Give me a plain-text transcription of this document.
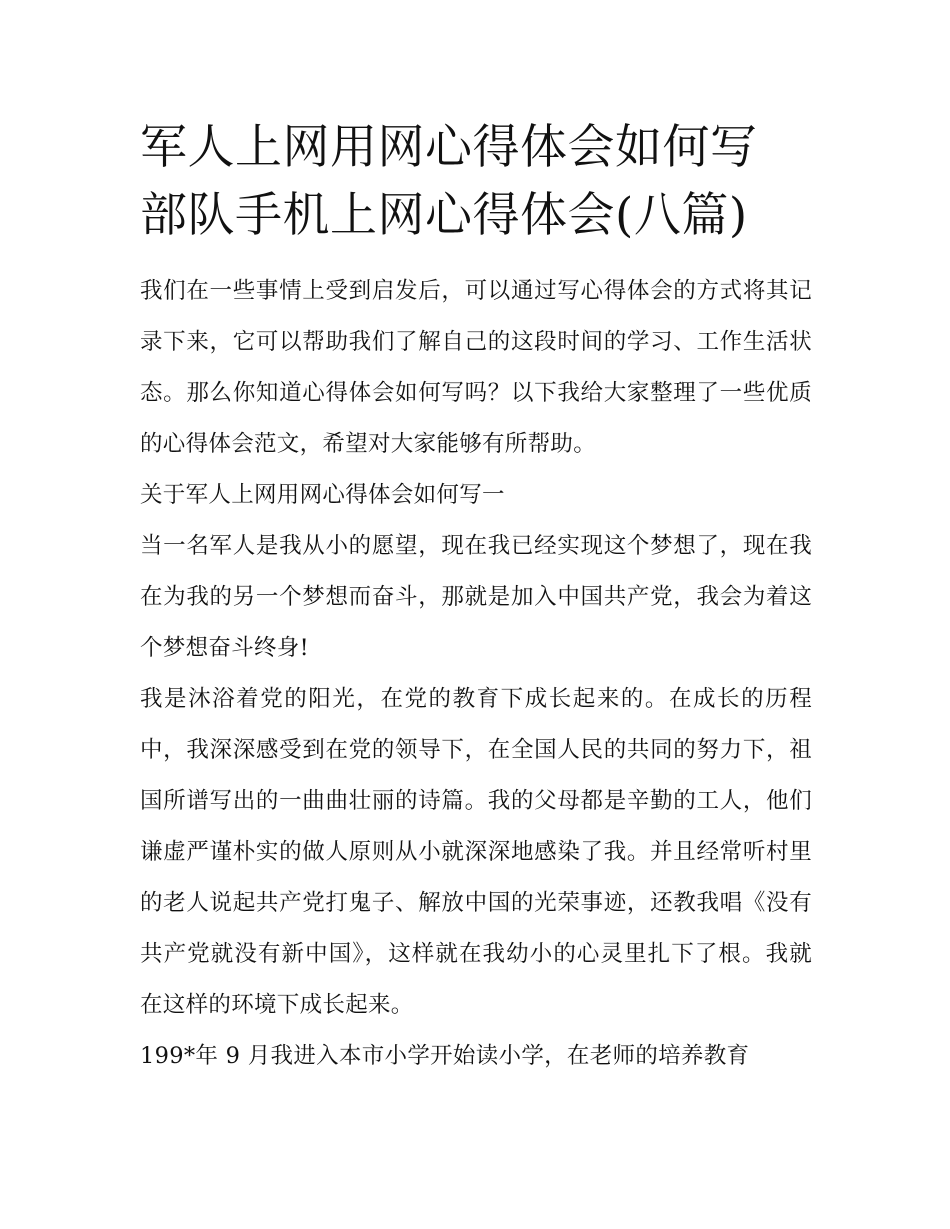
军人上网用网心得体会如何写
部队手机上网心得体会(八篇)

我们在一些事情上受到启发后，可以通过写心得体会的方式将其记录下来，它可以帮助我们了解自己的这段时间的学习、工作生活状态。那么你知道心得体会如何写吗？以下我给大家整理了一些优质的心得体会范文，希望对大家能够有所帮助。

关于军人上网用网心得体会如何写一

当一名军人是我从小的愿望，现在我已经实现这个梦想了，现在我在为我的另一个梦想而奋斗，那就是加入中国共产党，我会为着这个梦想奋斗终身!

我是沐浴着党的阳光，在党的教育下成长起来的。在成长的历程中，我深深感受到在党的领导下，在全国人民的共同的努力下，祖国所谱写出的一曲曲壮丽的诗篇。我的父母都是辛勤的工人，他们谦虚严谨朴实的做人原则从小就深深地感染了我。并且经常听村里的老人说起共产党打鬼子、解放中国的光荣事迹，还教我唱《没有共产党就没有新中国》，这样就在我幼小的心灵里扎下了根。我就在这样的环境下成长起来。

199*年 9 月我进入本市小学开始读小学，在老师的培养教育
